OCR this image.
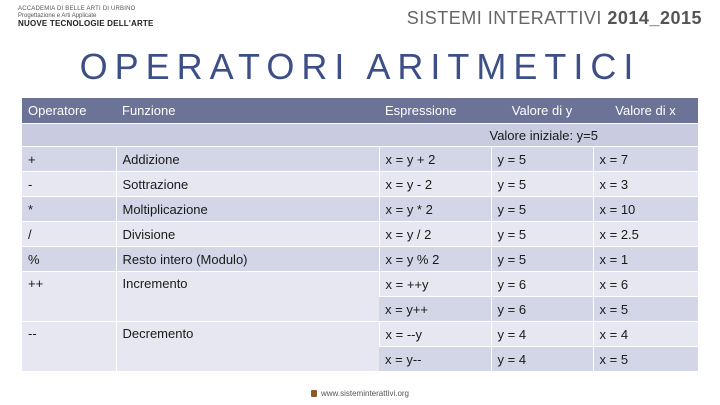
ACCADEMIA DI BELLE ARTI DI URBINO
Progettazione e Arti Applicate
NUOVE TECNOLOGIE DELL'ARTE	SISTEMI INTERATTIVI 2014_2015
OPERATORI ARITMETICI
Operatore	Funzione	Espressione	Valore di y	Valore di x
Valore iniziale: y=5				
+	Addizione	x = y + 2	y = 5	x = 7
-	Sottrazione	x = y - 2	y = 5	x = 3
*	Moltiplicazione	x = y * 2	y = 5	x = 10
/	Divisione	x = y / 2	y = 5	x = 2.5
%	Resto intero (Modulo)	x = y % 2	y = 5	x = 1
++	Incremento	x = ++y	y = 6	x = 6
		x = y++	y = 6	x = 5
--	Decremento	x = --y	y = 4	x = 4
		x = y--	y = 4	x = 5
www.sisteminterattivi.org
